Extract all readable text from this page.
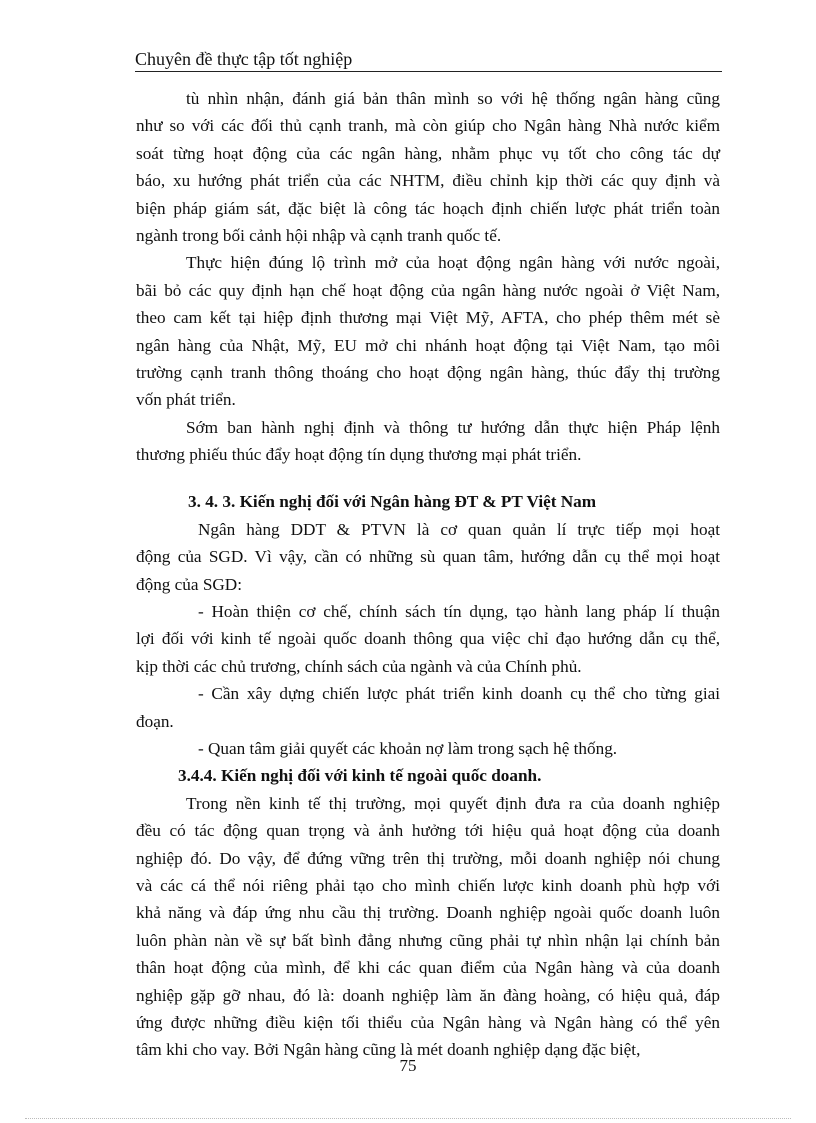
Chuyên đề thực tập tốt nghiệp
tù nhìn nhận, đánh giá bản thân mình so với hệ thống ngân hàng cũng
như so với các đối thủ cạnh tranh, mà còn giúp cho Ngân hàng Nhà nước kiểm
soát từng hoạt động của các ngân hàng, nhằm phục vụ tốt cho công tác dự
báo, xu hướng phát triển của các NHTM, điều chỉnh kịp thời các quy định và
biện pháp giám sát, đặc biệt là công tác hoạch định chiến lược phát triển toàn
ngành trong bối cảnh hội nhập và cạnh tranh quốc tế.
Thực hiện đúng lộ trình mở của hoạt động ngân hàng với nước ngoài,
bãi bỏ các quy định hạn chế hoạt động của ngân hàng nước ngoài ở Việt Nam,
theo cam kết tại hiệp định thương mại Việt Mỹ, AFTA, cho phép thêm mét sè
ngân hàng của Nhật, Mỹ, EU mở chi nhánh hoạt động tại Việt Nam, tạo môi
trường cạnh tranh thông thoáng cho hoạt động ngân hàng, thúc đẩy thị trường
vốn phát triển.
Sớm ban hành nghị định và thông tư hướng dẫn thực hiện Pháp lệnh
thương phiếu thúc đẩy hoạt động tín dụng thương mại phát triển.
3. 4. 3. Kiến nghị đối với Ngân hàng ĐT & PT Việt Nam
Ngân hàng DDT & PTVN là cơ quan quản lí trực tiếp mọi hoạt
động của SGD. Vì vậy, cần có những sù quan tâm, hướng dẫn cụ thể mọi hoạt
động của SGD:
- Hoàn thiện cơ chế, chính sách tín dụng, tạo hành lang pháp lí thuận
lợi đối với kinh tế ngoài quốc doanh thông qua việc chỉ đạo hướng dẫn cụ thể,
kịp thời các chủ trương, chính sách của ngành và của Chính phủ.
- Cần xây dựng chiến lược phát triển kinh doanh cụ thể cho từng giai
đoạn.
- Quan tâm giải quyết các khoản nợ làm trong sạch hệ thống.
3.4.4. Kiến nghị đối với kinh tế ngoài quốc doanh.
Trong nền kinh tế thị trường, mọi quyết định đưa ra của doanh nghiệp
đều có tác động quan trọng và ảnh hưởng tới hiệu quả hoạt động của doanh
nghiệp đó. Do vậy, để đứng vững trên thị trường, mỗi doanh nghiệp nói chung
và các cá thể nói riêng phải tạo cho mình chiến lược kinh doanh phù hợp với
khả năng và đáp ứng nhu cầu thị trường. Doanh nghiệp ngoài quốc doanh luôn
luôn phàn nàn về sự bất bình đẳng nhưng cũng phải tự nhìn nhận lại chính bản
thân hoạt động của mình, để khi các quan điểm của Ngân hàng và của doanh
nghiệp gặp gỡ nhau, đó là: doanh nghiệp làm ăn đàng hoàng, có hiệu quả, đáp
ứng được những điều kiện tối thiểu của Ngân hàng và Ngân hàng có thể yên
tâm khi cho vay. Bởi Ngân hàng cũng là mét doanh nghiệp dạng đặc biệt,
75
